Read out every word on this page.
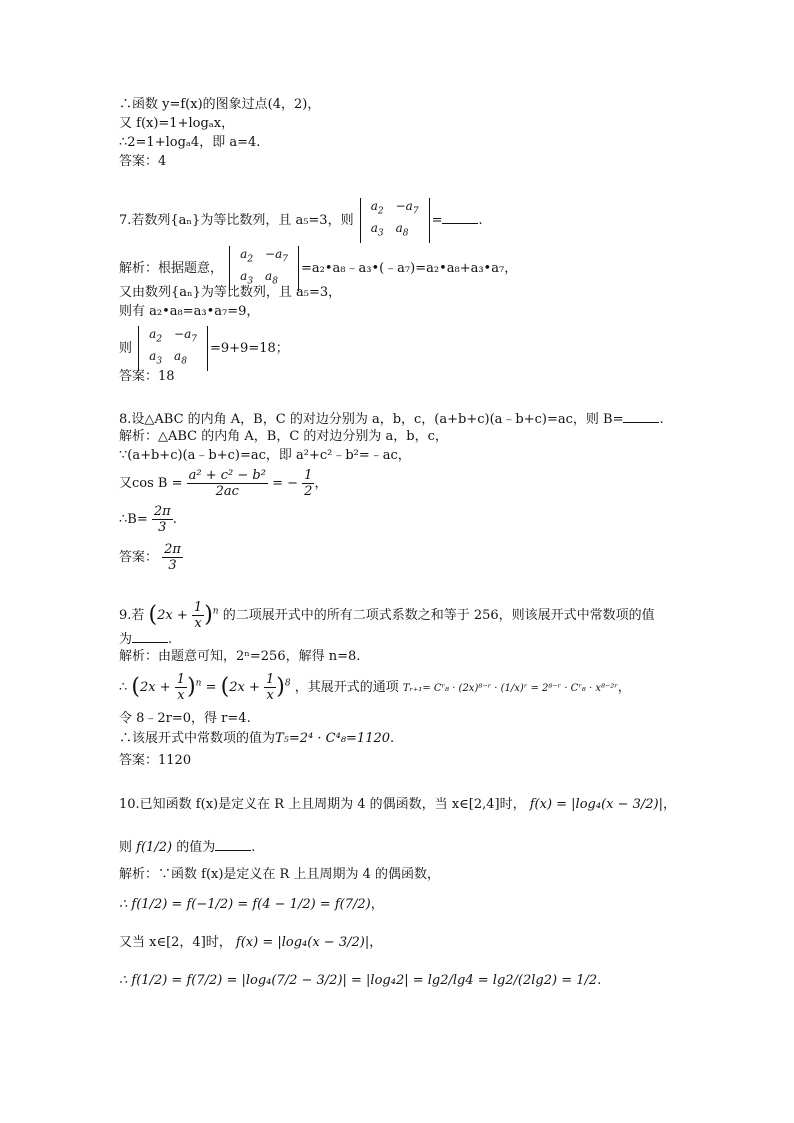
∴函数 y=f(x)的图象过点(4，2)，
又 f(x)=1+logₐx，
∴2=1+logₐ4，即 a=4.
答案：4
7.若数列{aₙ}为等比数列，且 a₅=3，则
$a_2$	$-a_7$
$a_3$	$a_8$
=	.
解析：根据题意，
$a_2$	$-a_7$
$a_3$	$a_8$
=a₂•a₈﹣a₃•(﹣a₇)=a₂•a₈+a₃•a₇，
又由数列{aₙ}为等比数列，且 a₅=3，
则有 a₂•a₈=a₃•a₇=9，
则
$a_2$	$-a_7$
$a_3$	$a_8$
=9+9=18；
答案：18
8.设△ABC 的内角 A，B，C 的对边分别为 a，b，c，(a+b+c)(a﹣b+c)=ac，则 B=	.
解析：△ABC 的内角 A，B，C 的对边分别为 a，b，c，
∵(a+b+c)(a﹣b+c)=ac，即 a²+c²﹣b²=﹣ac，
又$\cos B = \frac{\text{a² + c² − b²}}{2ac}$ = − $\frac{1}{2}$ ，
∴B= $\frac{2\pi}{3}$ .
答案： $\frac{2\pi}{3}$
9.若 $(2x + \frac{1}{x} )^n$ 的二项展开式中的所有二项式系数之和等于 256，则该展开式中常数项的值
为	.
解析：由题意可知，2ⁿ=256，解得 n=8.
∴ $(2x + \frac{1}{x} )^n = (2x + \frac{1}{x} )^8$ ，其展开式的通项 Tᵣ₊₁= Cʳ₈ · (2x)⁸⁻ʳ · (1/x)ʳ = 2⁸⁻ʳ · Cʳ₈ · x⁸⁻²ʳ，
令 8﹣2r=0，得 r=4.
∴该展开式中常数项的值为T₅=2⁴ · C⁴₈=1120.
答案：1120
10.已知函数 f(x)是定义在 R 上且周期为 4 的偶函数，当 x∈[2,4]时， f(x) = |log₄(x − 3/2)|，
则 f(1/2) 的值为	.
解析：∵函数 f(x)是定义在 R 上且周期为 4 的偶函数，
∴ f(1/2) = f(−1/2) = f(4 − 1/2) = f(7/2)，
又当 x∈[2，4]时， f(x) = |log₄(x − 3/2)|，
∴ f(1/2) = f(7/2) = |log₄(7/2 − 3/2)| = |log₄2| = lg2/lg4 = lg2/(2lg2) = 1/2.
